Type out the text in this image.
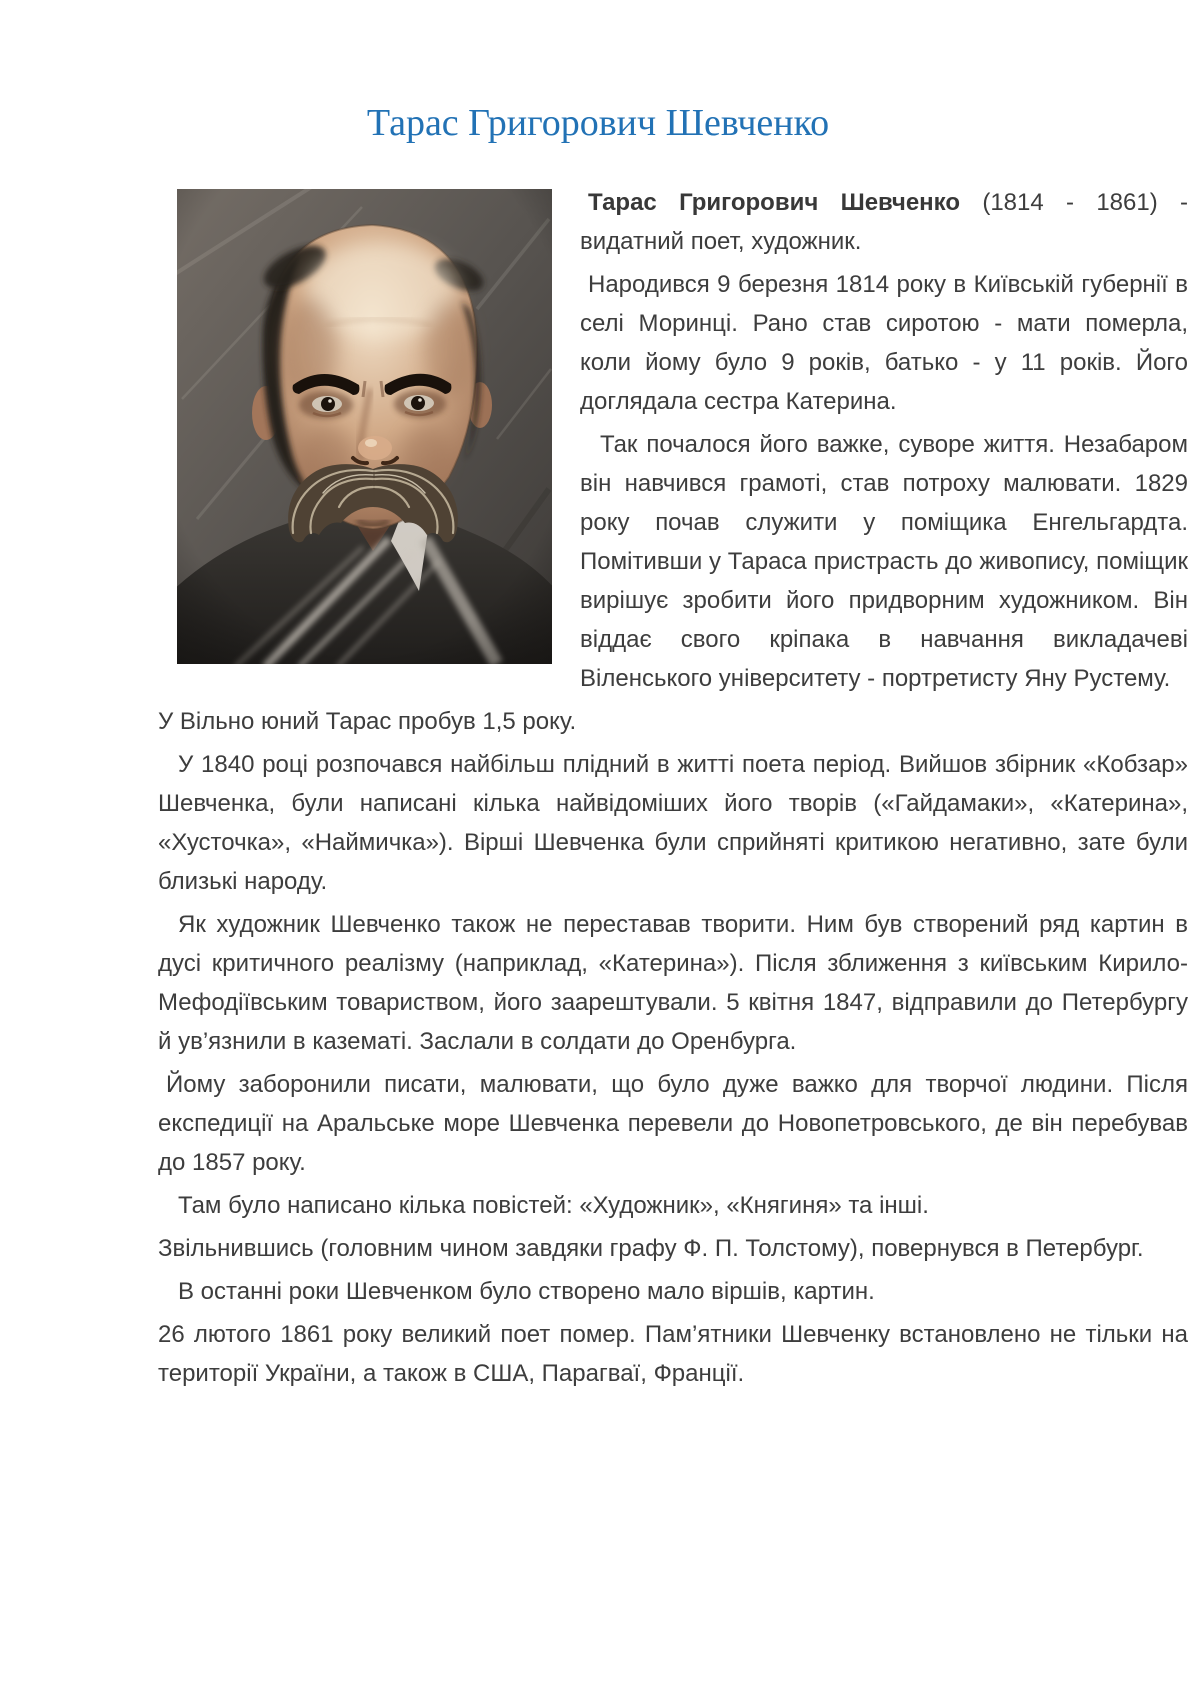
Тарас Григорович Шевченко

Тарас Григорович Шевченко (1814 - 1861) - видатний поет, художник.

Народився 9 березня 1814 року в Київській губернії в селі Моринці. Рано став сиротою - мати померла, коли йому було 9 років, батько - у 11 років. Його доглядала сестра Катерина.

Так почалося його важке, суворе життя. Незабаром він навчився грамоті, став потроху малювати. 1829 року почав служити у поміщика Енгельгардта. Помітивши у Тараса пристрасть до живопису, поміщик вирішує зробити його придворним художником. Він віддає свого кріпака в навчання викладачеві Віленського університету - портретисту Яну Рустему.

У Вільно юний Тарас пробув 1,5 року.

У 1840 році розпочався найбільш плідний в житті поета період. Вийшов збірник «Кобзар» Шевченка, були написані кілька найвідоміших його творів («Гайдамаки», «Катерина», «Хусточка», «Наймичка»). Вірші Шевченка були сприйняті критикою негативно, зате були близькі народу.

Як художник Шевченко також не переставав творити. Ним був створений ряд картин в дусі критичного реалізму (наприклад, «Катерина»). Після зближення з київським Кирило-Мефодіївським товариством, його заарештували. 5 квітня 1847, відправили до Петербургу й ув’язнили в казематі. Заслали в солдати до Оренбурга.

Йому заборонили писати, малювати, що було дуже важко для творчої людини. Після експедиції на Аральське море Шевченка перевели до Новопетровського, де він перебував до 1857 року.

Там було написано кілька повістей: «Художник», «Княгиня» та інші.

Звільнившись (головним чином завдяки графу Ф. П. Толстому), повернувся в Петербург.

В останні роки Шевченком було створено мало віршів, картин.

26 лютого 1861 року великий поет помер. Пам’ятники Шевченку встановлено не тільки на території України, а також в США, Парагваї, Франції.
